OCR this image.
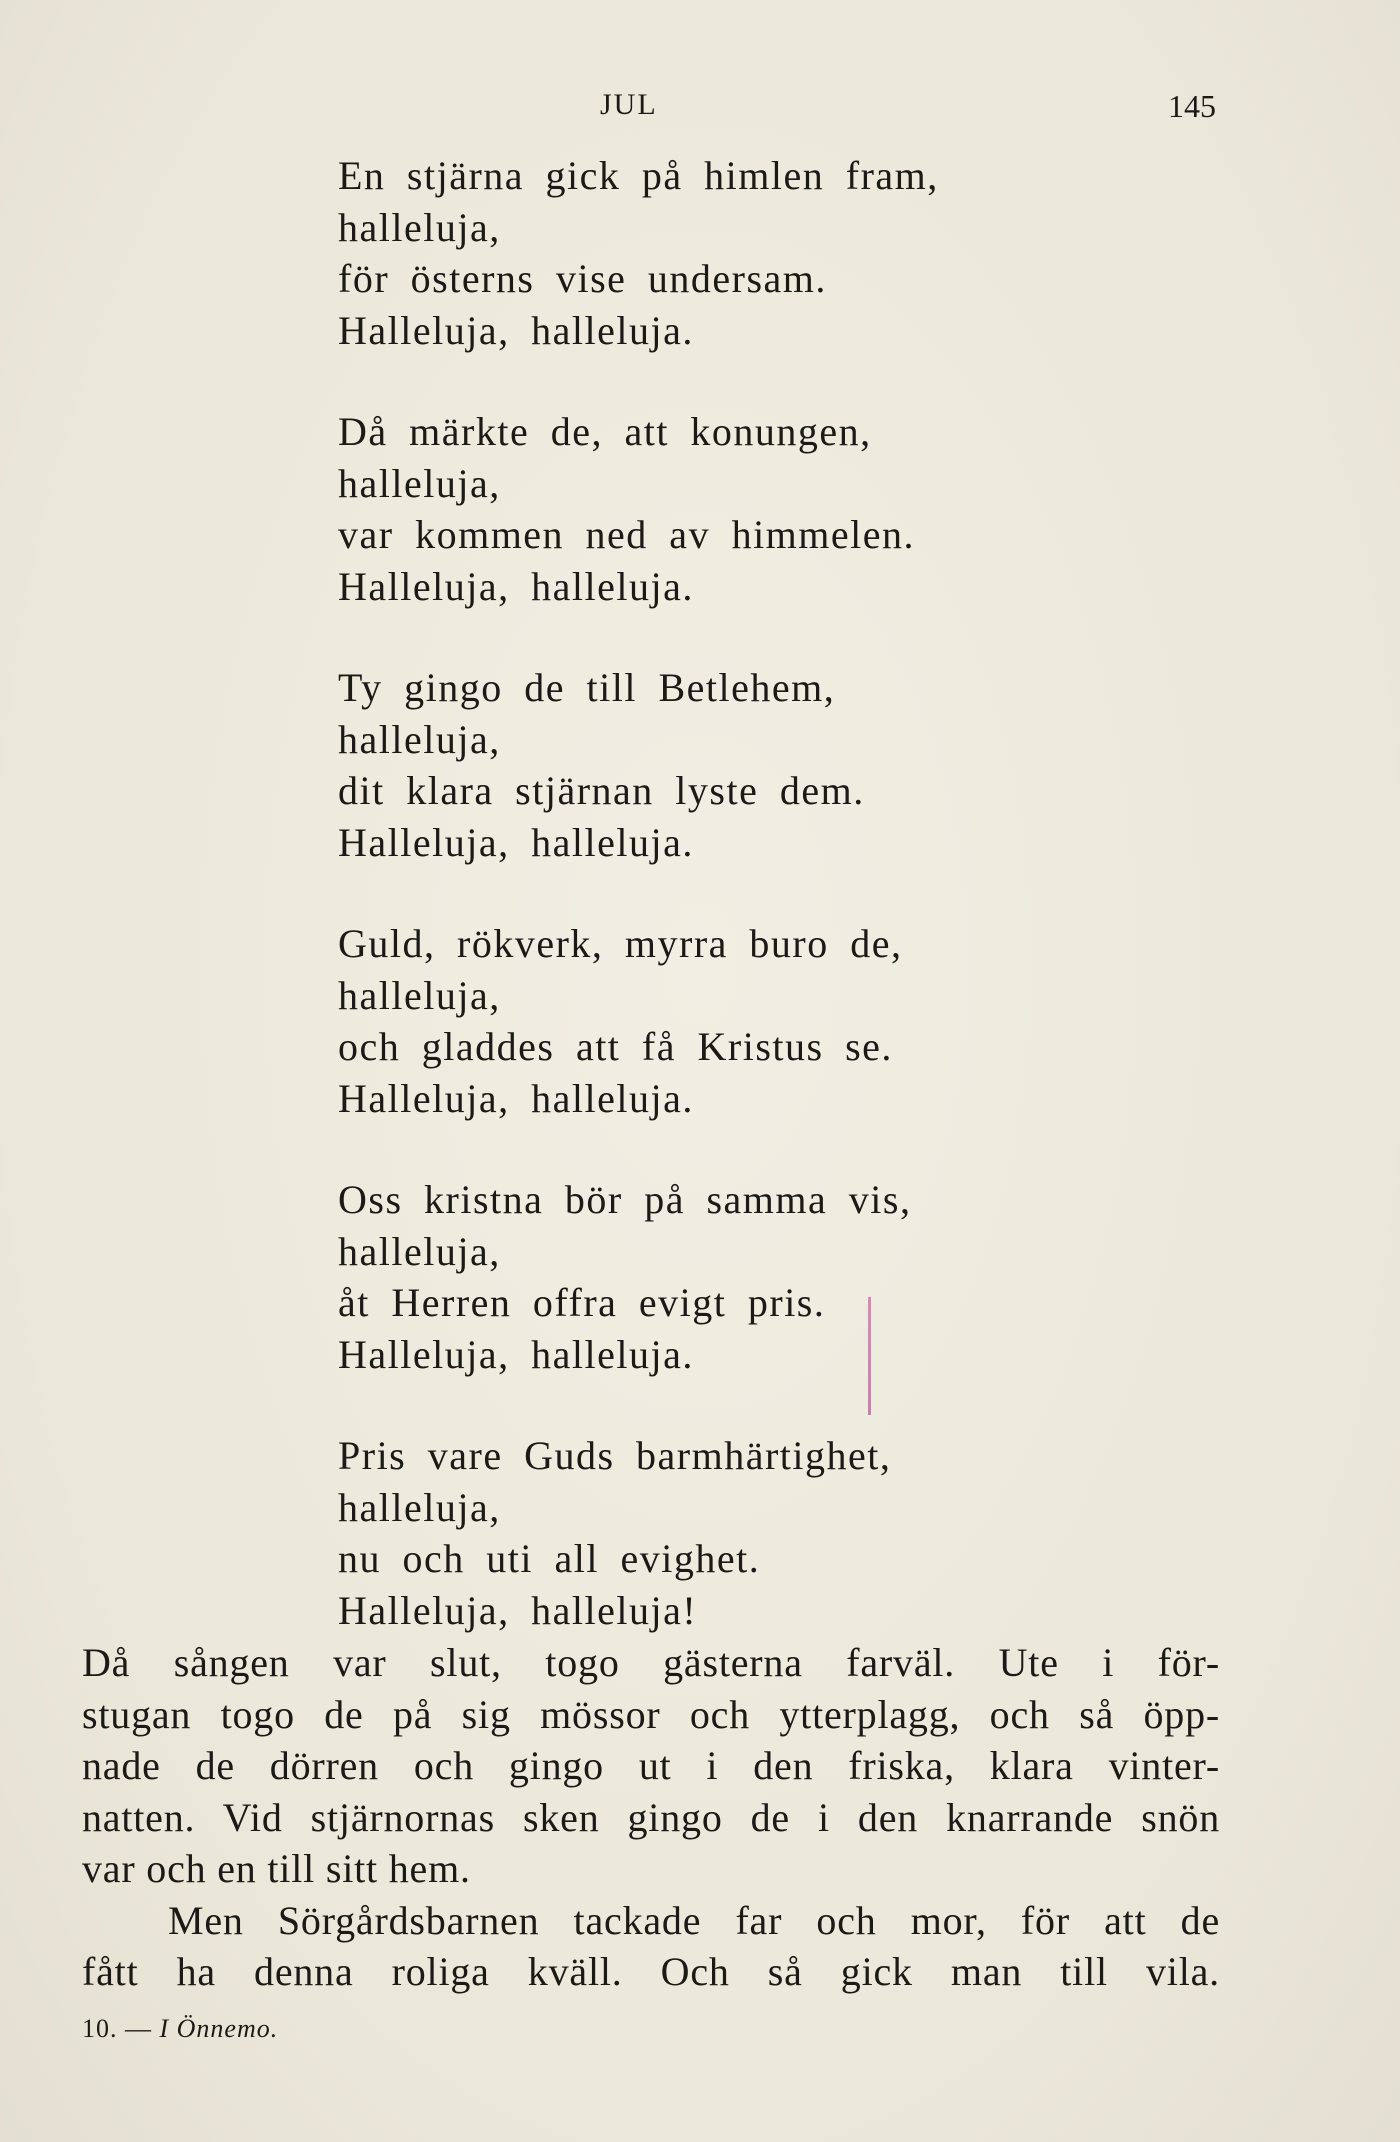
JUL	145
En stjärna gick på himlen fram,
halleluja,
för österns vise undersam.
Halleluja, halleluja.
Då märkte de, att konungen,
halleluja,
var kommen ned av himmelen.
Halleluja, halleluja.
Ty gingo de till Betlehem,
halleluja,
dit klara stjärnan lyste dem.
Halleluja, halleluja.
Guld, rökverk, myrra buro de,
halleluja,
och gladdes att få Kristus se.
Halleluja, halleluja.
Oss kristna bör på samma vis,
halleluja,
åt Herren offra evigt pris.
Halleluja, halleluja.
Pris vare Guds barmhärtighet,
halleluja,
nu och uti all evighet.
Halleluja, halleluja!
Då sången var slut, togo gästerna farväl. Ute i för-
stugan togo de på sig mössor och ytterplagg, och så öpp-
nade de dörren och gingo ut i den friska, klara vinter-
natten. Vid stjärnornas sken gingo de i den knarrande snön
var och en till sitt hem.
Men Sörgårdsbarnen tackade far och mor, för att de
fått ha denna roliga kväll. Och så gick man till vila.
10. — I Önnemo.
